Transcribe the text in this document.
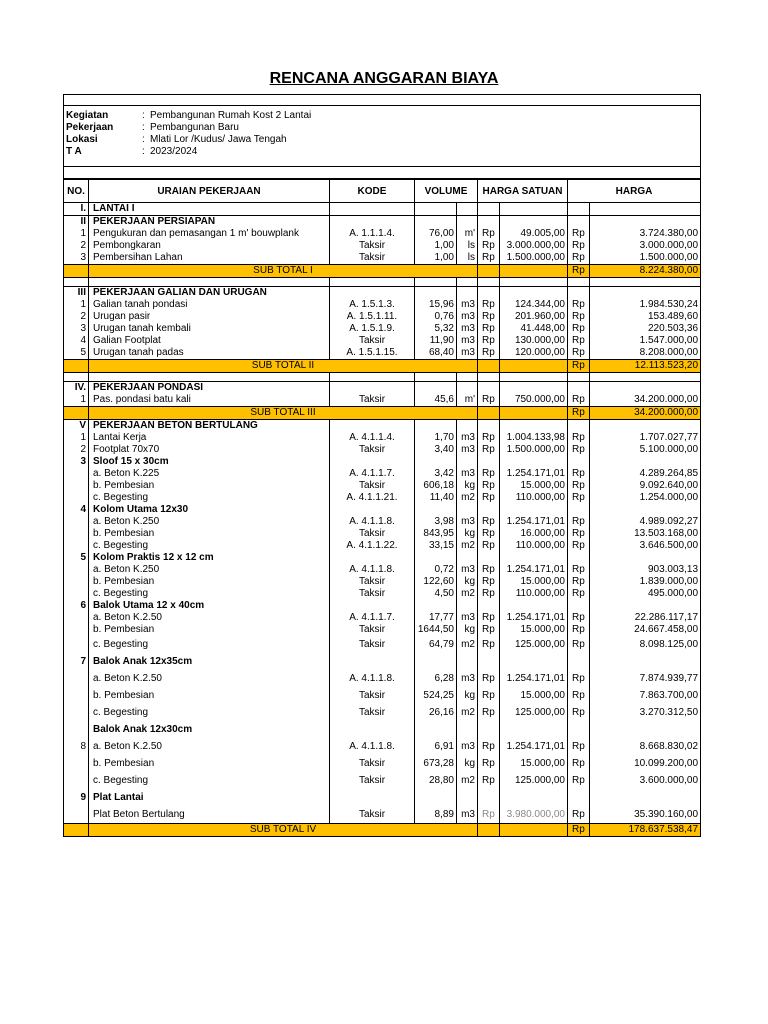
RENCANA ANGGARAN BIAYA
Kegiatan	: Pembangunan Rumah Kost 2 Lantai
Pekerjaan	: Pembangunan Baru
Lokasi	: Mlati Lor /Kudus/ Jawa Tengah
T A	: 2023/2024
NO.	URAIAN PEKERJAAN	KODE	VOLUME		HARGA SATUAN		HARGA	
I.	LANTAI I							
II	PEKERJAAN PERSIAPAN							
1	Pengukuran dan pemasangan 1 m' bouwplank	A. 1.1.1.4.	76,00	m'	Rp	49.005,00	Rp	3.724.380,00
2	Pembongkaran	Taksir	1,00	ls	Rp	3.000.000,00	Rp	3.000.000,00
3	Pembersihan Lahan	Taksir	1,00	ls	Rp	1.500.000,00	Rp	1.500.000,00
	SUB TOTAL I						Rp	8.224.380,00

III	PEKERJAAN GALIAN DAN URUGAN							
1	Galian tanah pondasi	A. 1.5.1.3.	15,96	m3	Rp	124.344,00	Rp	1.984.530,24
2	Urugan pasir	A. 1.5.1.11.	0,76	m3	Rp	201.960,00	Rp	153.489,60
3	Urugan tanah kembali	A. 1.5.1.9.	5,32	m3	Rp	41.448,00	Rp	220.503,36
4	Galian Footplat	Taksir	11,90	m3	Rp	130.000,00	Rp	1.547.000,00
5	Urugan tanah padas	A. 1.5.1.15.	68,40	m3	Rp	120.000,00	Rp	8.208.000,00
	SUB TOTAL II						Rp	12.113.523,20

IV.	PEKERJAAN PONDASI							
1	Pas. pondasi batu kali	Taksir	45,6	m'	Rp	750.000,00	Rp	34.200.000,00
	SUB TOTAL III						Rp	34.200.000,00
V	PEKERJAAN BETON BERTULANG							
1	Lantai Kerja	A. 4.1.1.4.	1,70	m3	Rp	1.004.133,98	Rp	1.707.027,77
2	Footplat 70x70	Taksir	3,40	m3	Rp	1.500.000,00	Rp	5.100.000,00
3	Sloof 15 x 30cm							
	a. Beton K.225	A. 4.1.1.7.	3,42	m3	Rp	1.254.171,01	Rp	4.289.264,85
	b. Pembesian	Taksir	606,18	kg	Rp	15.000,00	Rp	9.092.640,00
	c. Begesting	A. 4.1.1.21.	11,40	m2	Rp	110.000,00	Rp	1.254.000,00
4	Kolom Utama 12x30							
	a. Beton K.250	A. 4.1.1.8.	3,98	m3	Rp	1.254.171,01	Rp	4.989.092,27
	b. Pembesian	Taksir	843,95	kg	Rp	16.000,00	Rp	13.503.168,00
	c. Begesting	A. 4.1.1.22.	33,15	m2	Rp	110.000,00	Rp	3.646.500,00
5	Kolom Praktis 12 x 12 cm							
	a. Beton K.250	A. 4.1.1.8.	0,72	m3	Rp	1.254.171,01	Rp	903.003,13
	b. Pembesian	Taksir	122,60	kg	Rp	15.000,00	Rp	1.839.000,00
	c. Begesting	Taksir	4,50	m2	Rp	110.000,00	Rp	495.000,00
6	Balok Utama 12 x 40cm							
	a. Beton K.2.50	A. 4.1.1.7.	17,77	m3	Rp	1.254.171,01	Rp	22.286.117,17
	b. Pembesian	Taksir	1644,50	kg	Rp	15.000,00	Rp	24.667.458,00
	c. Begesting	Taksir	64,79	m2	Rp	125.000,00	Rp	8.098.125,00
7	Balok Anak 12x35cm							
	a. Beton K.2.50	A. 4.1.1.8.	6,28	m3	Rp	1.254.171,01	Rp	7.874.939,77
	b. Pembesian	Taksir	524,25	kg	Rp	15.000,00	Rp	7.863.700,00
	c. Begesting	Taksir	26,16	m2	Rp	125.000,00	Rp	3.270.312,50
	Balok Anak 12x30cm							
8	a. Beton K.2.50	A. 4.1.1.8.	6,91	m3	Rp	1.254.171,01	Rp	8.668.830,02
	b. Pembesian	Taksir	673,28	kg	Rp	15.000,00	Rp	10.099.200,00
	c. Begesting	Taksir	28,80	m2	Rp	125.000,00	Rp	3.600.000,00
9	Plat Lantai							
	Plat Beton Bertulang	Taksir	8,89	m3	Rp	3.980.000,00	Rp	35.390.160,00
	SUB TOTAL IV						Rp	178.637.538,47
